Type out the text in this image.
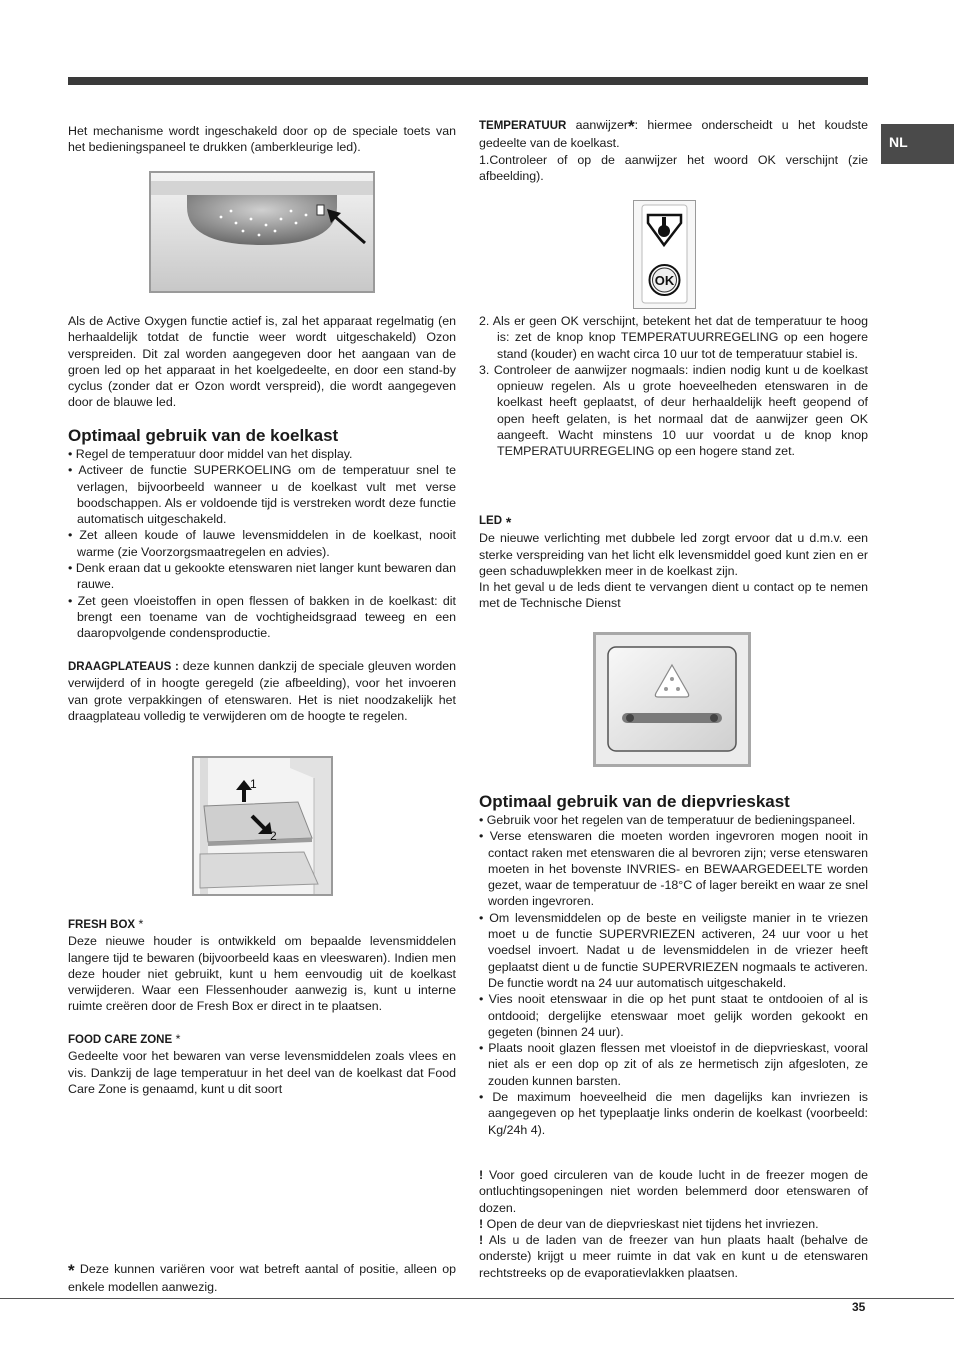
NL

Het mechanisme wordt ingeschakeld door op de speciale toets van het bedieningspaneel te drukken (amberkleurige led).

Als de Active Oxygen functie actief is, zal het apparaat regelmatig (en herhaaldelijk totdat de functie weer wordt uitgeschakeld) Ozon verspreiden. Dit zal worden aangegeven door het aangaan van de groen led op het apparaat in het koelgedeelte, en door een stand-by cyclus (zonder dat er Ozon wordt verspreid), die wordt aangegeven door de blauwe led.

Optimaal gebruik van de koelkast

• Regel de temperatuur door middel van het display.

• Activeer de functie SUPERKOELING om de temperatuur snel te verlagen, bijvoorbeeld wanneer u de koelkast vult met verse boodschappen. Als er voldoende tijd is verstreken wordt deze functie automatisch uitgeschakeld.

• Zet alleen koude of lauwe levensmiddelen in de koelkast, nooit warme (zie Voorzorgsmaatregelen en advies).

• Denk eraan dat u gekookte etenswaren niet langer kunt bewaren dan rauwe.

• Zet geen vloeistoffen in open flessen of bakken in de koelkast: dit brengt een toename van de vochtigheidsgraad teweeg en een daaropvolgende condensproductie.

DRAAGPLATEAUS : deze kunnen dankzij de speciale gleuven worden verwijderd of in hoogte geregeld (zie afbeelding), voor het invoeren van grote verpakkingen of etenswaren. Het is niet noodzakelijk het draagplateau volledig te verwijderen om de hoogte te regelen.

1
2

FRESH BOX *

Deze nieuwe houder is ontwikkeld om bepaalde levensmiddelen langere tijd te bewaren (bijvoorbeeld kaas en vleeswaren). Indien men deze houder niet gebruikt, kunt u hem eenvoudig uit de koelkast verwijderen. Waar een Flessenhouder aanwezig is, kunt u interne ruimte creëren door de Fresh Box er direct in te plaatsen.

FOOD CARE ZONE *

Gedeelte voor het bewaren van verse levensmiddelen zoals vlees en vis. Dankzij de lage temperatuur in het deel van de koelkast dat Food Care Zone is genaamd, kunt u dit soort

* Deze kunnen variëren voor wat betreft aantal of positie, alleen op enkele modellen aanwezig.

TEMPERATUUR aanwijzer*: hiermee onderscheidt u het koudste gedeelte van de koelkast.

1.Controleer of op de aanwijzer het woord OK verschijnt (zie afbeelding).

OK

2. Als er geen OK verschijnt, betekent het dat de temperatuur te hoog is: zet de knop knop TEMPERATUURREGELING op een hogere stand (kouder) en wacht circa 10 uur tot de temperatuur stabiel is.

3. Controleer de aanwijzer nogmaals: indien nodig kunt u de koelkast opnieuw regelen. Als u grote hoeveelheden etenswaren in de koelkast heeft geplaatst, of deur herhaaldelijk heeft geopend of open heeft gelaten, is het normaal dat de aanwijzer geen OK aangeeft. Wacht minstens 10 uur voordat u de knop knop TEMPERATUURREGELING op een hogere stand zet.

LED *

De nieuwe verlichting met dubbele led zorgt ervoor dat u d.m.v. een sterke verspreiding van het licht elk levensmiddel goed kunt zien en er geen schaduwplekken meer in de koelkast zijn.

In het geval u de leds dient te vervangen dient u contact op te nemen met de Technische Dienst

Optimaal gebruik van de diepvrieskast

• Gebruik voor het regelen van de temperatuur de bedieningspaneel.

• Verse etenswaren die moeten worden ingevroren mogen nooit in contact raken met etenswaren die al bevroren zijn; verse etenswaren moeten in het bovenste INVRIES- en BEWAARGEDEELTE worden gezet, waar de temperatuur de -18°C of lager bereikt en waar ze snel worden ingevroren.

• Om levensmiddelen op de beste en veiligste manier in te vriezen moet u de functie SUPERVRIEZEN activeren, 24 uur voor u het voedsel invoert. Nadat u de levensmiddelen in de vriezer heeft geplaatst dient u de functie SUPERVRIEZEN nogmaals te activeren. De functie wordt na 24 uur automatisch uitgeschakeld.

• Vies nooit etenswaar in die op het punt staat te ontdooien of al is ontdooid; dergelijke etenswaar moet gelijk worden gekookt en gegeten (binnen 24 uur).

• Plaats nooit glazen flessen met vloeistof in de diepvrieskast, vooral niet als er een dop op zit of als ze hermetisch zijn afgesloten, ze zouden kunnen barsten.

• De maximum hoeveelheid die men dagelijks kan invriezen is aangegeven op het typeplaatje links onderin de koelkast (voorbeeld: Kg/24h 4).

! Voor goed circuleren van de koude lucht in de freezer mogen de ontluchtingsopeningen niet worden belemmerd door etenswaren of dozen.

! Open de deur van de diepvrieskast niet tijdens het invriezen.

! Als u de laden van de freezer van hun plaats haalt (behalve de onderste) krijgt u meer ruimte in dat vak en kunt u de etenswaren rechtstreeks op de evaporatievlakken plaatsen.

35
